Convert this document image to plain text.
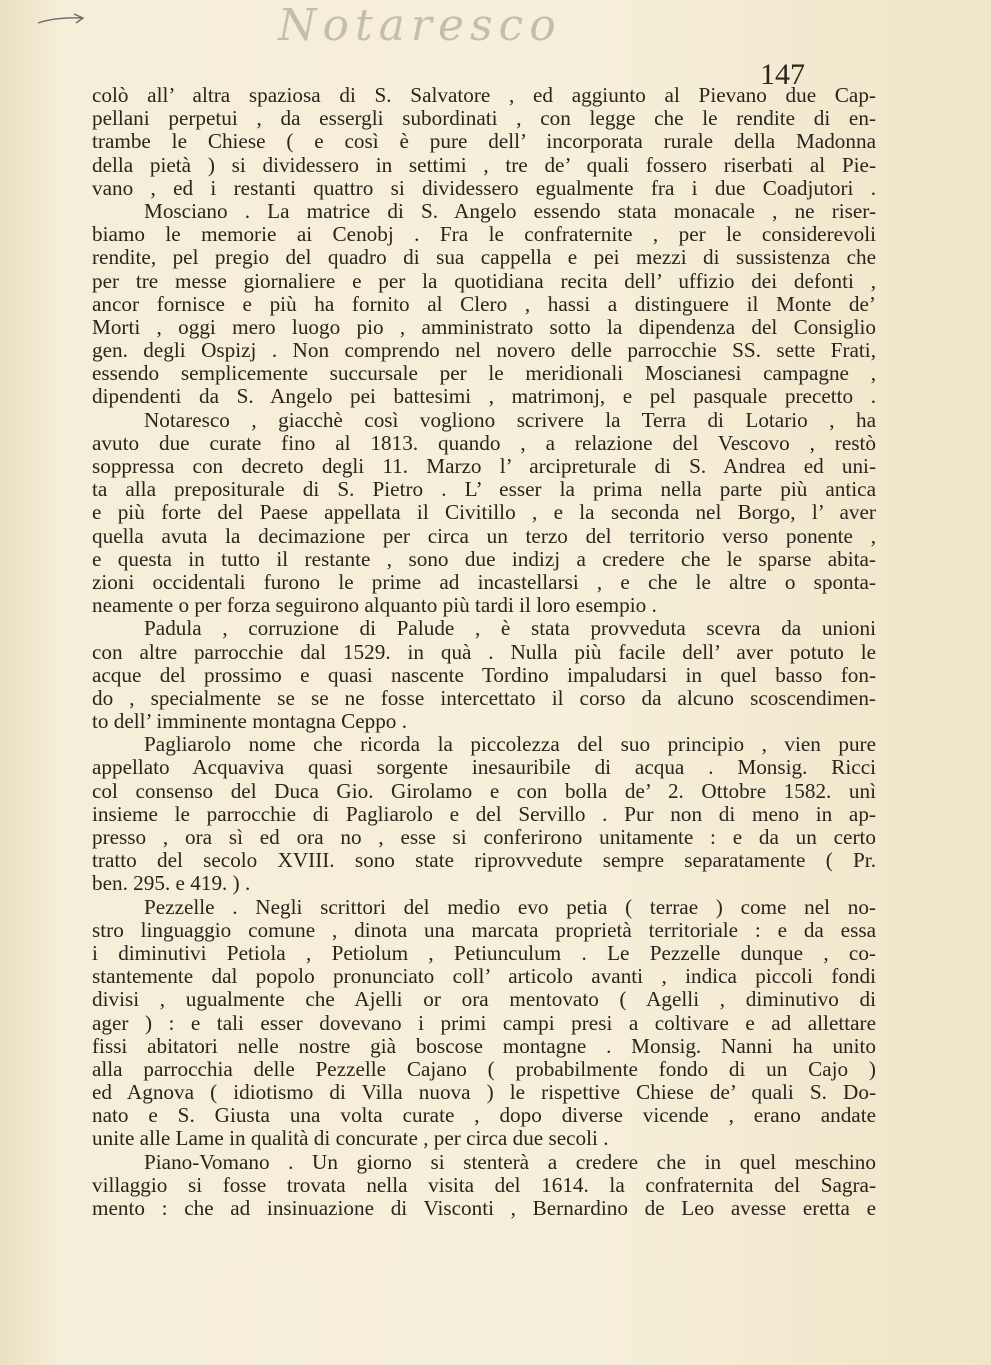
Notaresco
147
colò all’ altra spaziosa di S. Salvatore , ed aggiunto al Pievano due Cap-
pellani perpetui , da essergli subordinati , con legge che le rendite di en-
trambe le Chiese ( e così è pure dell’ incorporata rurale della Madonna
della pietà ) si dividessero in settimi , tre de’ quali fossero riserbati al Pie-
vano , ed i restanti quattro si dividessero egualmente fra i due Coadjutori .
Mosciano . La matrice di S. Angelo essendo stata monacale , ne riser-
biamo le memorie ai Cenobj . Fra le confraternite , per le considerevoli
rendite, pel pregio del quadro di sua cappella e pei mezzi di sussistenza che
per tre messe giornaliere e per la quotidiana recita dell’ uffizio dei defonti ,
ancor fornisce e più ha fornito al Clero , hassi a distinguere il Monte de’
Morti , oggi mero luogo pio , amministrato sotto la dipendenza del Consiglio
gen. degli Ospizj . Non comprendo nel novero delle parrocchie SS. sette Frati,
essendo semplicemente succursale per le meridionali Moscianesi campagne ,
dipendenti da S. Angelo pei battesimi , matrimonj, e pel pasquale precetto .
Notaresco , giacchè così vogliono scrivere la Terra di Lotario , ha
avuto due curate fino al 1813. quando , a relazione del Vescovo , restò
soppressa con decreto degli 11. Marzo l’ arcipreturale di S. Andrea ed uni-
ta alla prepositurale di S. Pietro . L’ esser la prima nella parte più antica
e più forte del Paese appellata il Civitillo , e la seconda nel Borgo, l’ aver
quella avuta la decimazione per circa un terzo del territorio verso ponente ,
e questa in tutto il restante , sono due indizj a credere che le sparse abita-
zioni occidentali furono le prime ad incastellarsi , e che le altre o sponta-
neamente o per forza seguirono alquanto più tardi il loro esempio .
Padula , corruzione di Palude , è stata provveduta scevra da unioni
con altre parrocchie dal 1529. in quà . Nulla più facile dell’ aver potuto le
acque del prossimo e quasi nascente Tordino impaludarsi in quel basso fon-
do , specialmente se se ne fosse intercettato il corso da alcuno scoscendimen-
to dell’ imminente montagna Ceppo .
Pagliarolo nome che ricorda la piccolezza del suo principio , vien pure
appellato Acquaviva quasi sorgente inesauribile di acqua . Monsig. Ricci
col consenso del Duca Gio. Girolamo e con bolla de’ 2. Ottobre 1582. unì
insieme le parrocchie di Pagliarolo e del Servillo . Pur non di meno in ap-
presso , ora sì ed ora no , esse si conferirono unitamente : e da un certo
tratto del secolo XVIII. sono state riprovvedute sempre separatamente ( Pr.
ben. 295. e 419. ) .
Pezzelle . Negli scrittori del medio evo petia ( terrae ) come nel no-
stro linguaggio comune , dinota una marcata proprietà territoriale : e da essa
i diminutivi Petiola , Petiolum , Petiunculum . Le Pezzelle dunque , co-
stantemente dal popolo pronunciato coll’ articolo avanti , indica piccoli fondi
divisi , ugualmente che Ajelli or ora mentovato ( Agelli , diminutivo di
ager ) : e tali esser dovevano i primi campi presi a coltivare e ad allettare
fissi abitatori nelle nostre già boscose montagne . Monsig. Nanni ha unito
alla parrocchia delle Pezzelle Cajano ( probabilmente fondo di un Cajo )
ed Agnova ( idiotismo di Villa nuova ) le rispettive Chiese de’ quali S. Do-
nato e S. Giusta una volta curate , dopo diverse vicende , erano andate
unite alle Lame in qualità di concurate , per circa due secoli .
Piano-Vomano . Un giorno si stenterà a credere che in quel meschino
villaggio si fosse trovata nella visita del 1614. la confraternita del Sagra-
mento : che ad insinuazione di Visconti , Bernardino de Leo avesse eretta e
